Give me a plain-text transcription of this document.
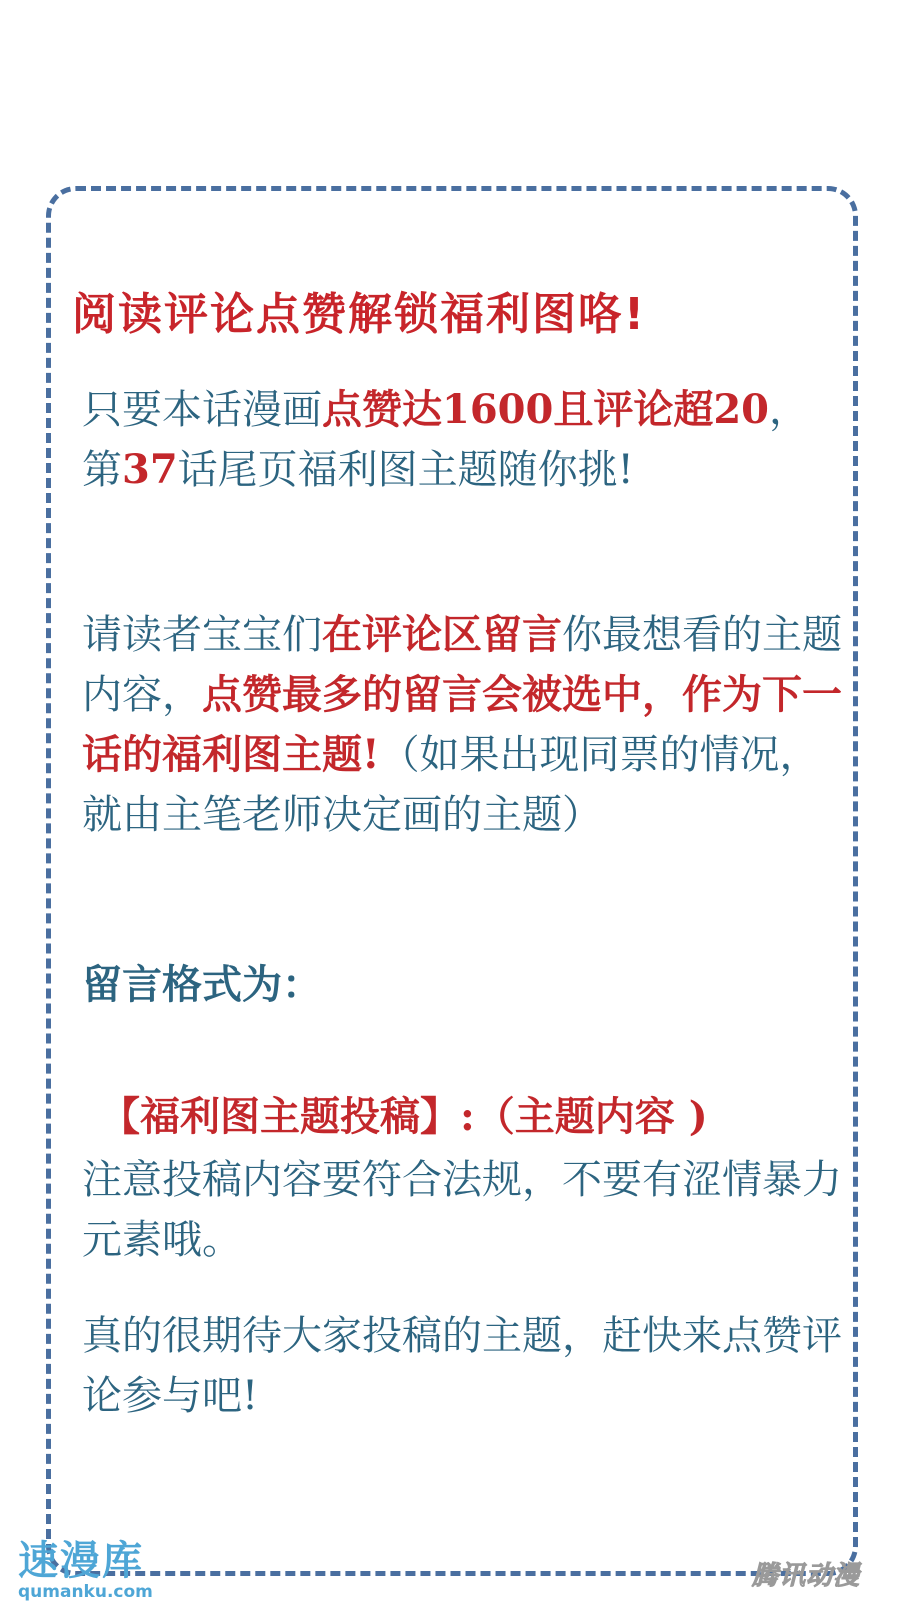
阅读评论点赞解锁福利图咯!

只要本话漫画点赞达1600且评论超20，第37话尾页福利图主题随你挑!

请读者宝宝们在评论区留言你最想看的主题内容，点赞最多的留言会被选中，作为下一话的福利图主题!（如果出现同票的情况，就由主笔老师决定画的主题）

留言格式为：

【福利图主题投稿】:（主题内容 )

注意投稿内容要符合法规，不要有涩情暴力元素哦。

真的很期待大家投稿的主题，赶快来点赞评论参与吧!

速漫库
qumanku.com
腾讯动漫
